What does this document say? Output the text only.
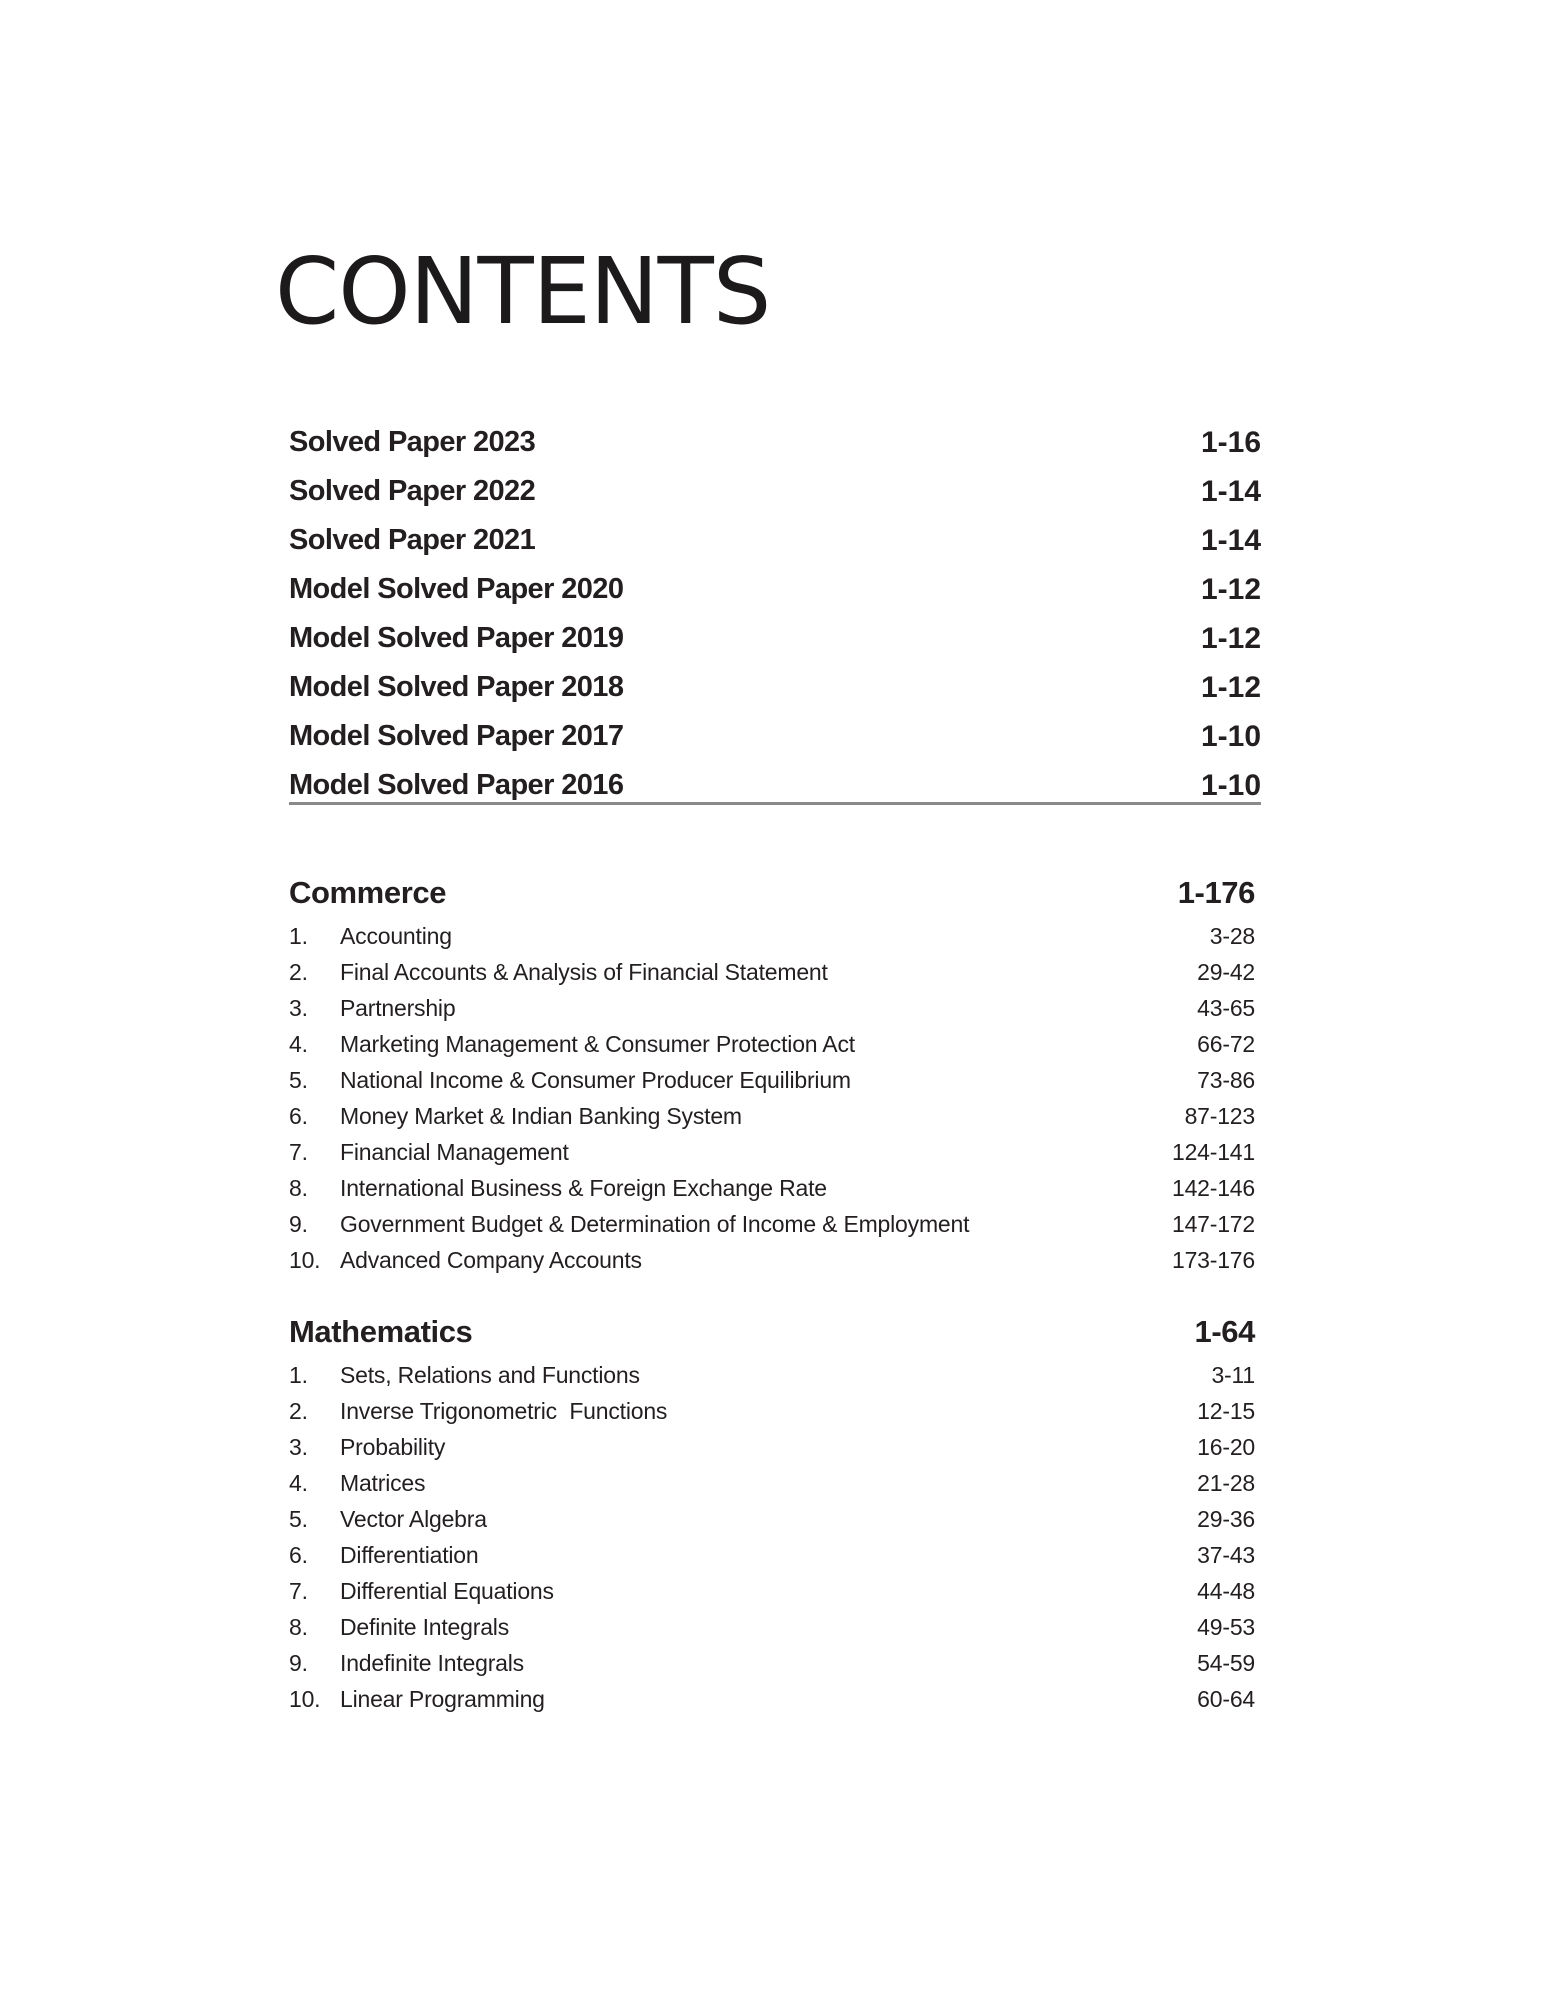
CONTENTS
Solved Paper 2023	1-16
Solved Paper 2022	1-14
Solved Paper 2021	1-14
Model Solved Paper 2020	1-12
Model Solved Paper 2019	1-12
Model Solved Paper 2018	1-12
Model Solved Paper 2017	1-10
Model Solved Paper 2016	1-10
Commerce	1-176
1. Accounting	3-28
2. Final Accounts & Analysis of Financial Statement	29-42
3. Partnership	43-65
4. Marketing Management & Consumer Protection Act	66-72
5. National Income & Consumer Producer Equilibrium	73-86
6. Money Market & Indian Banking System	87-123
7. Financial Management	124-141
8. International Business & Foreign Exchange Rate	142-146
9. Government Budget & Determination of Income & Employment	147-172
10. Advanced Company Accounts	173-176
Mathematics	1-64
1. Sets, Relations and Functions	3-11
2. Inverse Trigonometric  Functions	12-15
3. Probability	16-20
4. Matrices	21-28
5. Vector Algebra	29-36
6. Differentiation	37-43
7. Differential Equations	44-48
8. Definite Integrals	49-53
9. Indefinite Integrals	54-59
10. Linear Programming	60-64
